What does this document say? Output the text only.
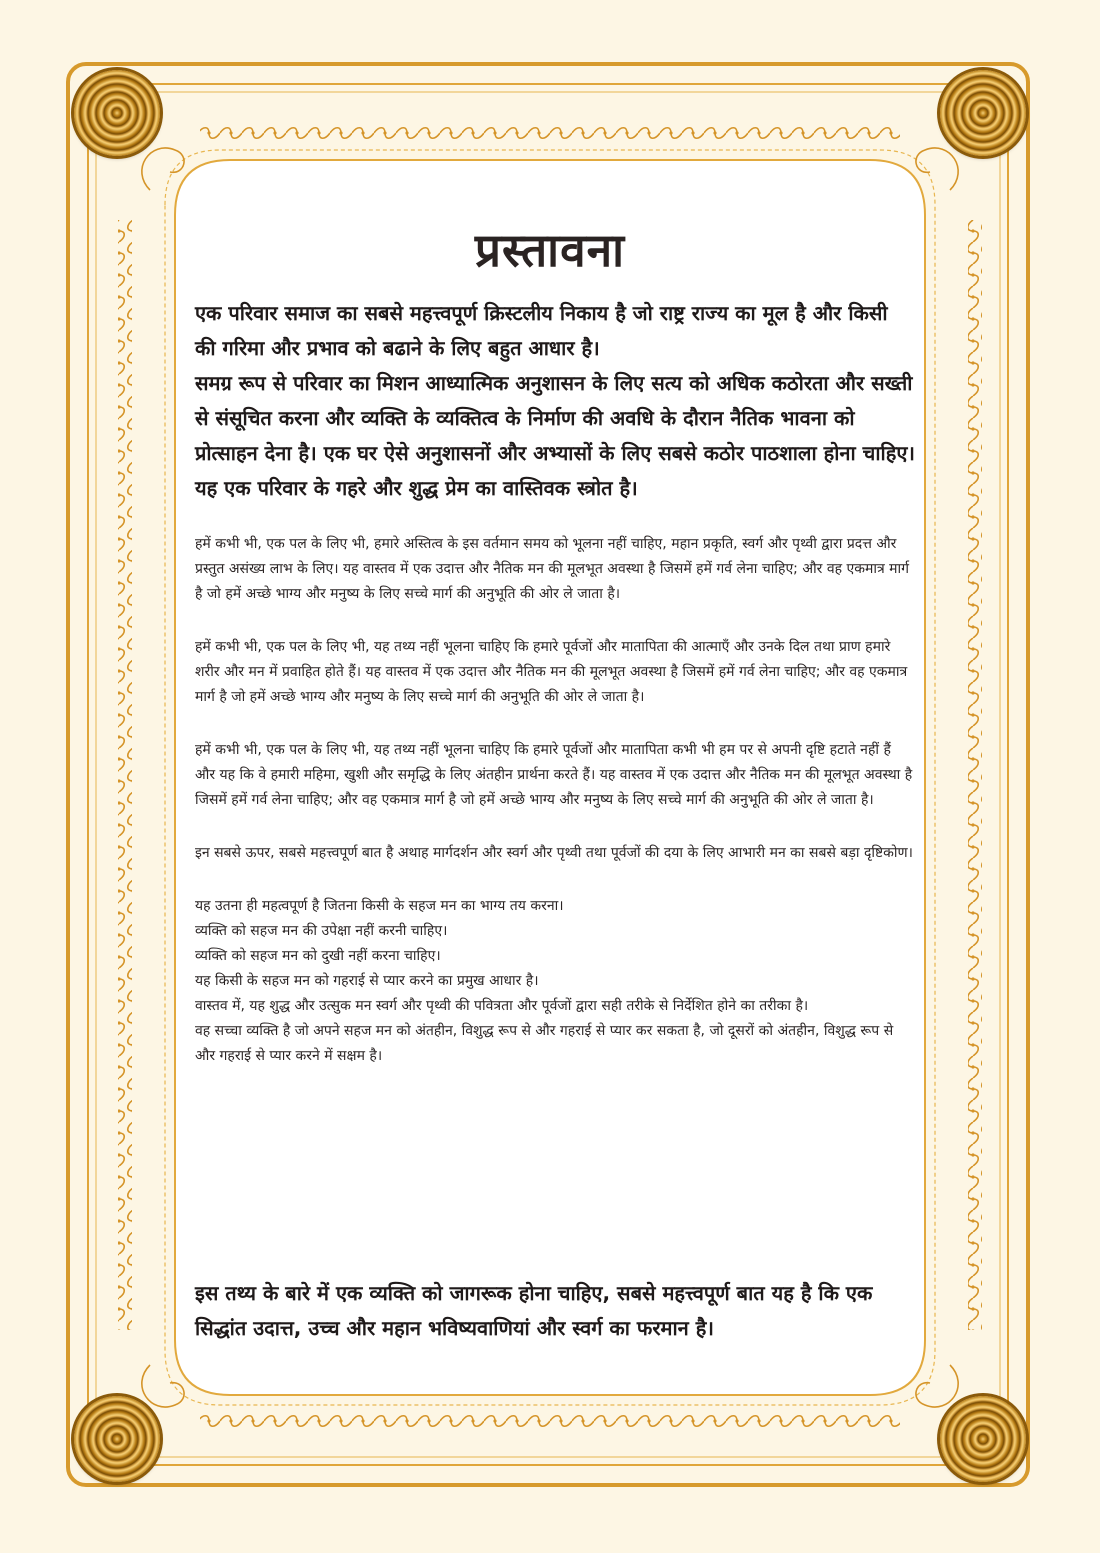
प्रस्तावना

एक परिवार समाज का सबसे महत्त्वपूर्ण क्रिस्टलीय निकाय है जो राष्ट्र राज्य का मूल है और किसी की गरिमा और प्रभाव को बढाने के लिए बहुत आधार है।

समग्र रूप से परिवार का मिशन आध्यात्मिक अनुशासन के लिए सत्य को अधिक कठोरता और सख्ती से संसूचित करना और व्यक्ति के व्यक्तित्व के निर्माण की अवधि के दौरान नैतिक भावना को प्रोत्साहन देना है। एक घर ऐसे अनुशासनों और अभ्यासों के लिए सबसे कठोर पाठशाला होना चाहिए।

यह एक परिवार के गहरे और शुद्ध प्रेम का वास्तिवक स्त्रोत है।

हमें कभी भी, एक पल के लिए भी, हमारे अस्तित्व के इस वर्तमान समय को भूलना नहीं चाहिए, महान प्रकृति, स्वर्ग और पृथ्वी द्वारा प्रदत्त और प्रस्तुत असंख्य लाभ के लिए। यह वास्तव में एक उदात्त और नैतिक मन की मूलभूत अवस्था है जिसमें हमें गर्व लेना चाहिए; और वह एकमात्र मार्ग है जो हमें अच्छे भाग्य और मनुष्य के लिए सच्चे मार्ग की अनुभूति की ओर ले जाता है।

हमें कभी भी, एक पल के लिए भी, यह तथ्य नहीं भूलना चाहिए कि हमारे पूर्वजों और मातापिता की आत्माएँ और उनके दिल तथा प्राण हमारे शरीर और मन में प्रवाहित होते हैं। यह वास्तव में एक उदात्त और नैतिक मन की मूलभूत अवस्था है जिसमें हमें गर्व लेना चाहिए; और वह एकमात्र मार्ग है जो हमें अच्छे भाग्य और मनुष्य के लिए सच्चे मार्ग की अनुभूति की ओर ले जाता है।

हमें कभी भी, एक पल के लिए भी, यह तथ्य नहीं भूलना चाहिए कि हमारे पूर्वजों और मातापिता कभी भी हम पर से अपनी दृष्टि हटाते नहीं हैं और यह कि वे हमारी महिमा, खुशी और समृद्धि के लिए अंतहीन प्रार्थना करते हैं। यह वास्तव में एक उदात्त और नैतिक मन की मूलभूत अवस्था है जिसमें हमें गर्व लेना चाहिए; और वह एकमात्र मार्ग है जो हमें अच्छे भाग्य और मनुष्य के लिए सच्चे मार्ग की अनुभूति की ओर ले जाता है।

इन सबसे ऊपर, सबसे महत्त्वपूर्ण बात है अथाह मार्गदर्शन और स्वर्ग और पृथ्वी तथा पूर्वजों की दया के लिए आभारी मन का सबसे बड़ा दृष्टिकोण।

यह उतना ही महत्वपूर्ण है जितना किसी के सहज मन का भाग्य तय करना।

व्यक्ति को सहज मन की उपेक्षा नहीं करनी चाहिए।

व्यक्ति को सहज मन को दुखी नहीं करना चाहिए।

यह किसी के सहज मन को गहराई से प्यार करने का प्रमुख आधार है।

वास्तव में, यह शुद्ध और उत्सुक मन स्वर्ग और पृथ्वी की पवित्रता और पूर्वजों द्वारा सही तरीके से निर्देशित होने का तरीका है।

वह सच्चा व्यक्ति है जो अपने सहज मन को अंतहीन, विशुद्ध रूप से और गहराई से प्यार कर सकता है, जो दूसरों को अंतहीन, विशुद्ध रूप से और गहराई से प्यार करने में सक्षम है।

इस तथ्य के बारे में एक व्यक्ति को जागरूक होना चाहिए, सबसे महत्त्वपूर्ण बात यह है कि एक सिद्धांत उदात्त, उच्च और महान भविष्यवाणियां और स्वर्ग का फरमान है।
